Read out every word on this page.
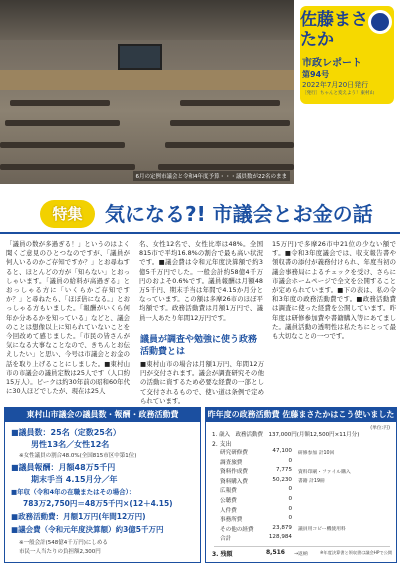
6月の定例市議会と令和4年度予算・・・議員数が22名のまま
佐藤まさたか
市政レポート
第94号
2022年7月20日発行
〔発行〕ちゃんと変えよう！東村山
特集	気になる?! 市議会とお金の話
「議員の数が多過ぎる！」というのはよく聞くご意見のひとつなのですが、「議員が何人いるのかご存知ですか？」とお尋ねすると、ほとんどの方が「知らない」とおっしゃいます。「議員の給料が高過ぎる」とおっしゃる方に「いくらかご存知ですか？」と尋ねたら、「ほぼ倍になる。」とおっしゃる方もいました。「報酬がいくら何年か分あるかを知っている」などと、議会のことは想像以上に知られていないことを今回改めて感じました。「市民の皆さんが気になる大事なことなので、きちんとお伝えしたい」と思い、今号は市議会とお金の話を取り上げることにしました。■東村山市の市議会の議員定数は25人です（人口約15万人）。ピークは約30年前の昭和60年代に30人ほどでしたが、現在は25人
名、女性12名で、女性比率は48%。全国815市で平均16.8%の割合で最も高い状況です。■議会費は令和元年度決算額で約3億5千万円でした。一般会計約58億4千万円のおよそ0.6%です。議員報酬は月額48万5千円、期末手当は年間で4.15か月分となっています。この額は多摩26市のほぼ平均額です。政務活動費は月額1万円で、議員一人あたり年間12万円です。
議員が調査や勉強に使う政務活動費とは
■東村山市の場合は月額1万円、年間12万円が交付されます。議会が調査研究その他の活動に資するため必要な経費の一部として交付されるもので、使い道は条例で定められています。
15万円)で多摩26市中21位の少ない額です。■令和3年度議会では、収支報告書や領収書の添付が義務付けられ、年度当初の議会事務局によるチェックを受け、さらに市議会ホームページで全文を公開することが定められています。■下の表は、私の令和3年度の政務活動費です。■政務活動費は調査に使った経費を公開しています。昨年度は研修参加費や書籍購入等にあてました。議員活動の透明性は私たちにとって最も大切なことの一つです。
東村山市議会の議員数・報酬・政務活動費
■議員数：25名（定数25名）
男性13名／女性12名
※女性議員の割合48.0%(全国815市区中第1位)
■議員報酬：月額48万5千円
期末手当 4.15月分／年
■年収（令和4年の在職またはその場合）：
783万2,750円＝48万5千円×(12＋4.15)
■政務活動費：月額1万円(年間12万円)
■議会費（令和元年度決算額）約3億5千万円
※一般会計(548億4千万円)にしめる
市民一人当たりの負担額2,300円
昨年度の政務活動費 佐藤まさたかはこう使いました
(単位:円)
1. 歳入　政務活動費　137,000円(月額12,500円×11月分)
2. 支出
研究研修費	47,100 研修参加 計10回
調査旅費	0
資料作成費	7,775 資料印刷・ファイル購入
資料購入費	50,230 書籍 計19冊
広報費	0
公聴費	0
人件費	0
事務所費	0
その他の経費	23,879 議員用コピー機使用料
合計	128,984
3. 残額	8,516 →返納	※年度決算書と領収書は議会HPで公開
